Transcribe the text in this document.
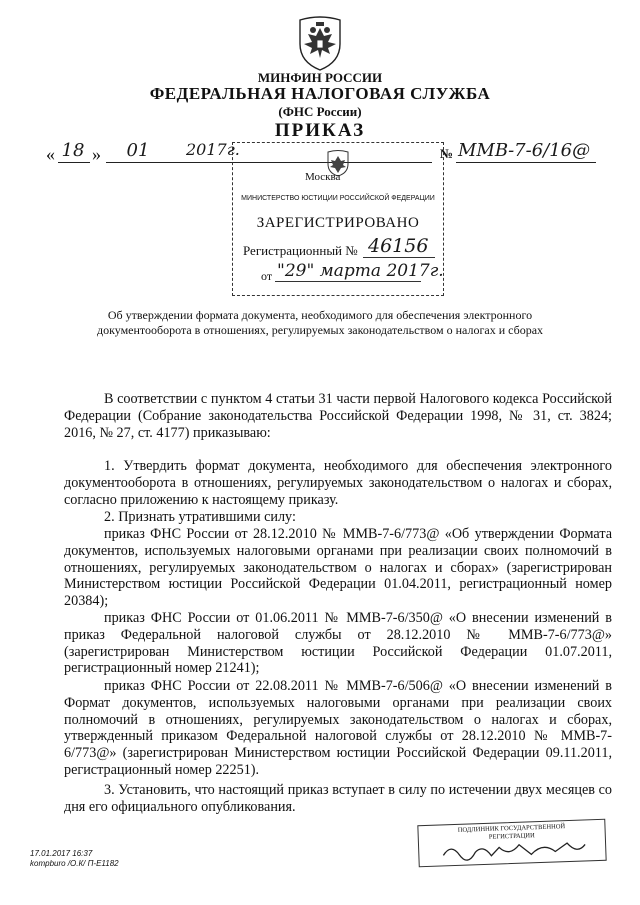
МИНФИН РОССИИ
ФЕДЕРАЛЬНАЯ НАЛОГОВАЯ СЛУЖБА
(ФНС России)
ПРИКАЗ
« 18 »	01	2017г.	№ ММВ-7-6/16@
Москва
МИНИСТЕРСТВО ЮСТИЦИИ РОССИЙСКОЙ ФЕДЕРАЦИИ
ЗАРЕГИСТРИРОВАНО
Регистрационный № 46156
от "29" марта 2017г.
Об утверждении формата документа, необходимого для обеспечения электронного
документооборота в отношениях, регулируемых законодательством о налогах и сборах
В соответствии с пунктом 4 статьи 31 части первой Налогового кодекса Российской Федерации (Собрание законодательства Российской Федерации 1998, № 31, ст. 3824; 2016, № 27, ст. 4177) приказываю:
1. Утвердить формат документа, необходимого для обеспечения электронного документооборота в отношениях, регулируемых законодательством о налогах и сборах, согласно приложению к настоящему приказу.
2. Признать утратившими силу:
приказ ФНС России от 28.12.2010 № ММВ-7-6/773@ «Об утверждении Формата документов, используемых налоговыми органами при реализации своих полномочий в отношениях, регулируемых законодательством о налогах и сборах» (зарегистрирован Министерством юстиции Российской Федерации 01.04.2011, регистрационный номер 20384);
приказ ФНС России от 01.06.2011 № ММВ-7-6/350@ «О внесении изменений в приказ Федеральной налоговой службы от 28.12.2010 № ММВ-7-6/773@» (зарегистрирован Министерством юстиции Российской Федерации 01.07.2011, регистрационный номер 21241);
приказ ФНС России от 22.08.2011 № ММВ-7-6/506@ «О внесении изменений в Формат документов, используемых налоговыми органами при реализации своих полномочий в отношениях, регулируемых законодательством о налогах и сборах, утвержденный приказом Федеральной налоговой службы от 28.12.2010 № ММВ-7-6/773@» (зарегистрирован Министерством юстиции Российской Федерации 09.11.2011, регистрационный номер 22251).
3. Установить, что настоящий приказ вступает в силу по истечении двух месяцев со дня его официального опубликования.
17.01.2017 16:37
kompburo /О.К/ П-Е1182
ПОДЛИННИК ГОСУДАРСТВЕННОЙ
РЕГИСТРАЦИИ
